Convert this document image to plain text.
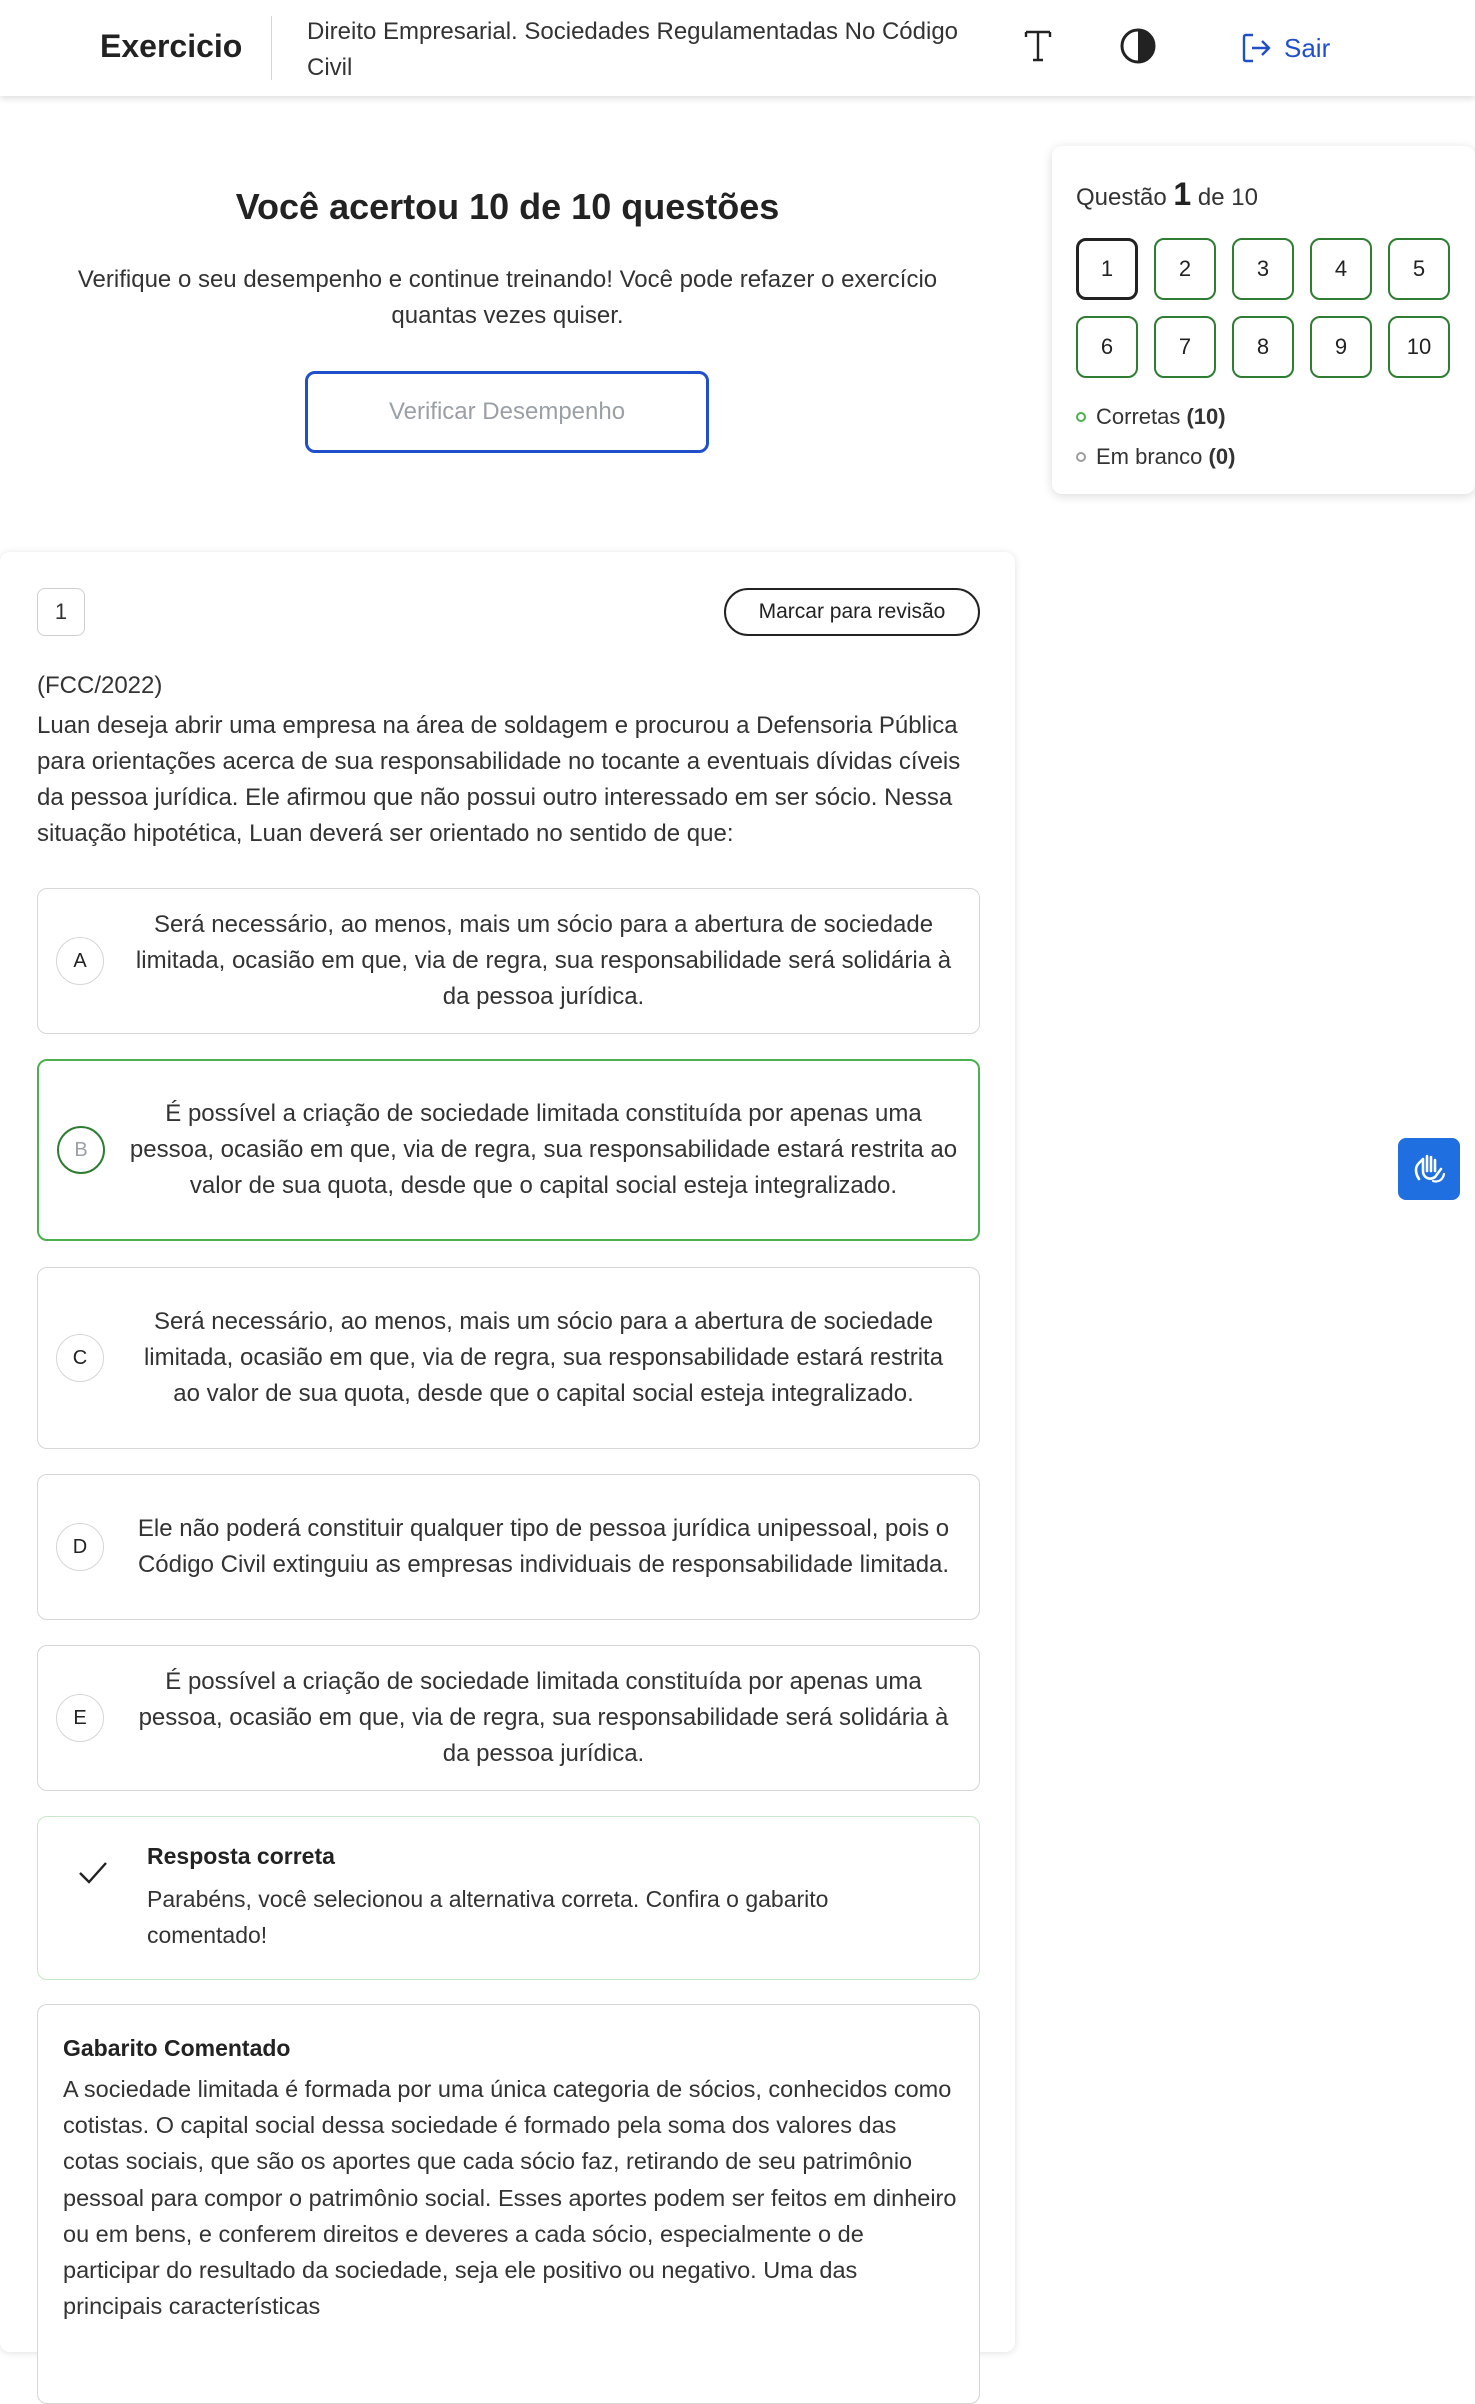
Exercicio	Direito Empresarial. Sociedades Regulamentadas No Código Civil
Sair
Você acertou 10 de 10 questões
Verifique o seu desempenho e continue treinando! Você pode refazer o exercício quantas vezes quiser.
Verificar Desempenho
Questão 1 de 10
1	2	3	4	5
6	7	8	9	10
Corretas (10)
Em branco (0)
1	Marcar para revisão
(FCC/2022)
Luan deseja abrir uma empresa na área de soldagem e procurou a Defensoria Pública para orientações acerca de sua responsabilidade no tocante a eventuais dívidas cíveis da pessoa jurídica. Ele afirmou que não possui outro interessado em ser sócio. Nessa situação hipotética, Luan deverá ser orientado no sentido de que:
A
Será necessário, ao menos, mais um sócio para a abertura de sociedade limitada, ocasião em que, via de regra, sua responsabilidade será solidária à da pessoa jurídica.
B
É possível a criação de sociedade limitada constituída por apenas uma pessoa, ocasião em que, via de regra, sua responsabilidade estará restrita ao valor de sua quota, desde que o capital social esteja integralizado.
C
Será necessário, ao menos, mais um sócio para a abertura de sociedade limitada, ocasião em que, via de regra, sua responsabilidade estará restrita ao valor de sua quota, desde que o capital social esteja integralizado.
D
Ele não poderá constituir qualquer tipo de pessoa jurídica unipessoal, pois o Código Civil extinguiu as empresas individuais de responsabilidade limitada.
E
É possível a criação de sociedade limitada constituída por apenas uma pessoa, ocasião em que, via de regra, sua responsabilidade será solidária à da pessoa jurídica.
Resposta correta
Parabéns, você selecionou a alternativa correta. Confira o gabarito comentado!
Gabarito Comentado
A sociedade limitada é formada por uma única categoria de sócios, conhecidos como cotistas. O capital social dessa sociedade é formado pela soma dos valores das cotas sociais, que são os aportes que cada sócio faz, retirando de seu patrimônio pessoal para compor o patrimônio social. Esses aportes podem ser feitos em dinheiro ou em bens, e conferem direitos e deveres a cada sócio, especialmente o de participar do resultado da sociedade, seja ele positivo ou negativo. Uma das principais características
